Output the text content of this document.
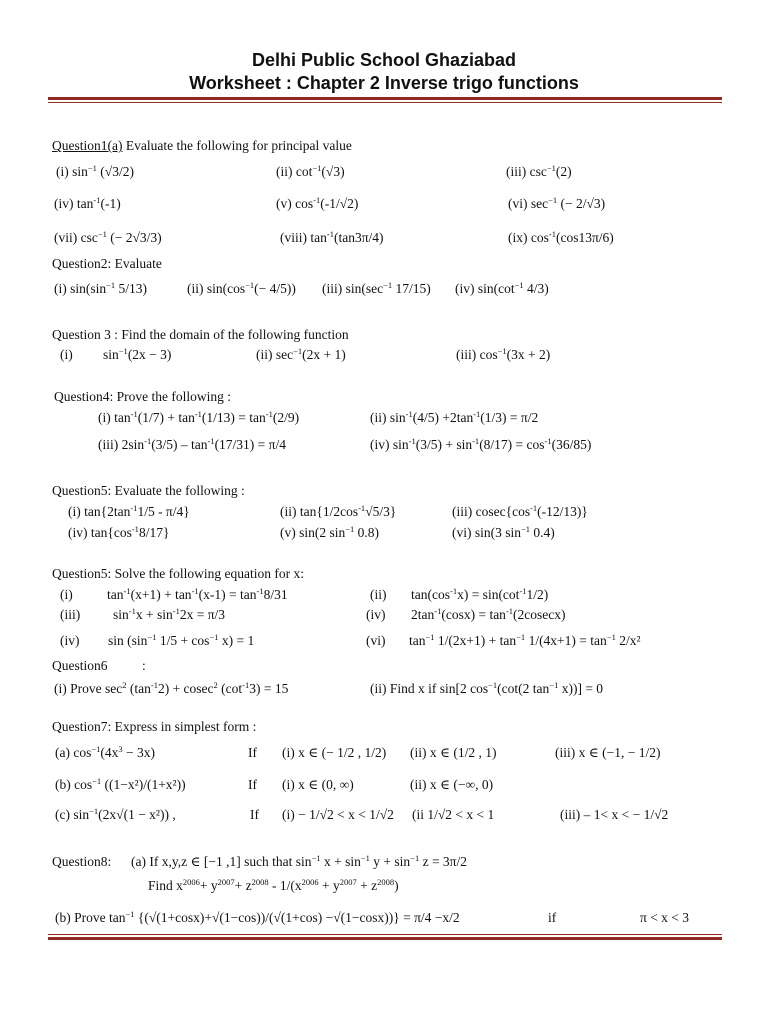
Delhi Public School Ghaziabad
Worksheet : Chapter 2 Inverse trigo functions
Question1(a) Evaluate the following for principal value
(i) $\sin^{-1} (√3/2)$	(ii) $\cot^{-1}(√3)$	(iii) $\csc^{-1}(2)$
(iv) $\tan^{-1}(-1)$	(v) $\cos^{-1}(-1/√2)$	(vi) $\sec^{-1}$ (− 2/√3)
(vii) $\csc^{-1}$ (− 2√3/3)	(viii) $\tan^{-1}(\tan 3\pi/4)$	(ix) $\cos^{-1}(\cos 13\pi/6)$
Question2: Evaluate
(i) $\sin(\sin^{-1}$ 5/13)	(ii) $\sin(\cos^{-1}(- 4/5))$ (iii) $\sin(\sec^{-1}$ 17/15) (iv) $\sin(\cot^{-1}$ 4/3)
Question 3 : Find the domain of the following function
(i) $\sin^{-1}(2x - 3)$	(ii) $\sec^{-1}(2x + 1)$	(iii) $\cos^{-1}(3x + 2)$
Question4: Prove the following :
(i) $\tan^{-1}(1/7) + \tan^{-1}(1/13) = \tan^{-1}(2/9)$	(ii) $\sin^{-1}(4/5) +2\tan^{-1}(1/3) = \pi/2$
(iii) $2\sin^{-1}(3/5) - \tan^{-1}(17/31) = \pi/4$	(iv) $\sin^{-1}(3/5) + \sin^{-1}(8/17) = \cos^{-1}(36/85)$
Question5: Evaluate the following :
(i) $\tan\{2\tan^{-1}1/5 - \pi/4\}$	(ii) $\tan\{1/2\cos^{-1}√5/3\}$	(iii) $cosec\{\cos^{-1}(-12/13)\}$
(iv) $\tan\{\cos^{-1}8/17\}$	(v) sin(2 $\sin^{-1} 0.8$)	(vi) sin(3 $\sin^{-1} 0.4$)
Question5: Solve the following equation for x:
(i)	$\tan^{-1}(x+1) + \tan^{-1}(x-1) = \tan^{-1}8/31$	(ii) $\tan(\cos^{-1}x) = \sin(\cot^{-1}1/2)$
(iii) $\sin^{-1}x + \sin^{-1}2x = \pi/3$	(iv) $2\tan^{-1}(\cos x) = \tan^{-1}(2cosecx)$
(iv) $\sin (\sin^{-1}$ $1/5 + \cos^{-1} x) = 1$	(vi) $\tan^{-1} 1/(2x+1) + \tan^{-1} 1/(4x+1) = \tan^{-1} 2/x^2$
Question6	:
(i) Prove $\sec^2 (\tan^{-1}2) + cosec^2$ $(\cot^{-1}3) = 15$	(ii) Find x if sin[2 $\cos^{-1}(\cot(2$ $\tan^{-1} x))] = 0$
Question7: Express in simplest form :
(a) $\cos^{-1}(4x^3 - 3x)$	If (i) x ∈ (− 1/2 , 1/2) (ii) x ∈ (1/2 , 1)	(iii) x ∈ (−1, − 1/2)
(b) $\cos^{-1} ((1-x^2)/(1+x^2))$	If (i) x ∈ (0, ∞)	(ii) x ∈ (−∞, 0)
(c) $\sin^{-1}(2x√(1 - x^2))$ ,	If (i) − 1/√2 < x < 1/√2 (ii 1/√2 < x < 1	(iii) – 1< x < − 1/√2
Question8: (a) If x,y,z ∈ [−1 ,1] such that $\sin^{-1} x + \sin^{-1} y + \sin^{-1} z = 3\pi/2$
Find $x^{2006}+ y^{2007}+ z^{2008} - 1/(x^{2006} + y^{2007} + z^{2008})$
(b) Prove $\tan^{-1} \{(√(1+\cos x)+√(1-\cos))/(√(1+\cos) -√(1-\cos x))\} = \pi/4 -x/2$	if	π < x < 3
